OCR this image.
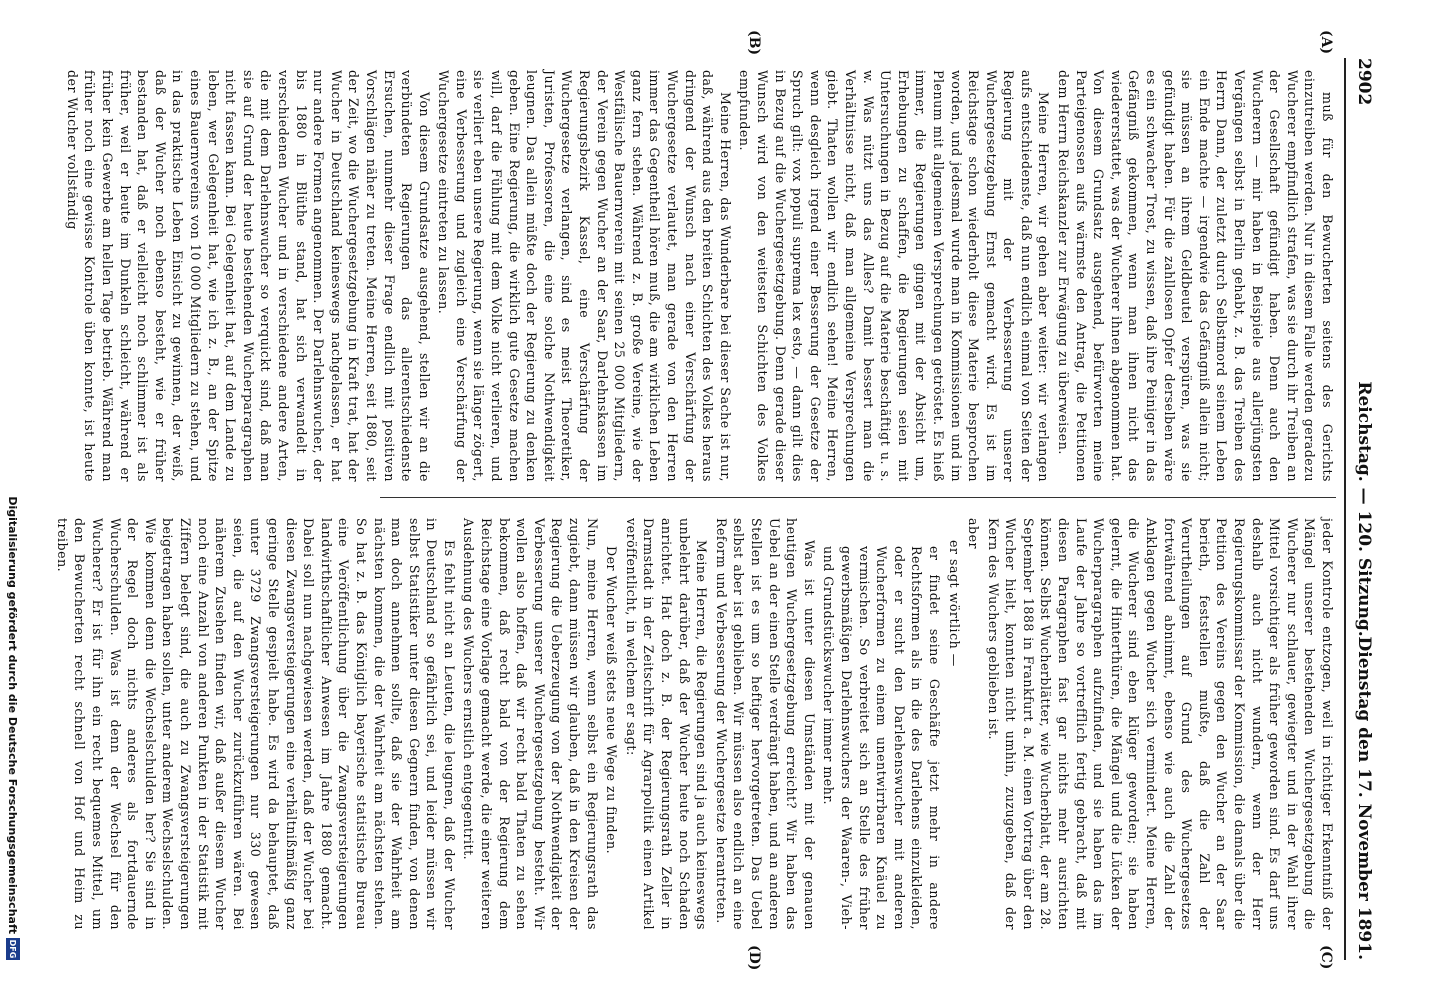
2902
Reichstag. — 120. Sitzung.
Dienstag den 17. November 1891.
(A)
(B)
(C)
(D)

muß für den Bewucherten seitens des Gerichts einzutreiben werden. Nur in diesem Falle werden geradezu Wucherer empfindlich strafen, was sie durch ihr Treiben an der Gesellschaft gefündigt haben. Denn auch den Wucherern — mir haben in Beispiele aus allerjüngsten Vergängen selbst in Berlin gehabt, z. B. das Treiben des Herrn Dann, der zuletzt durch Selbstmord seinem Leben ein Ende machte — irgendwie das Gefängniß allein nicht; sie müssen an ihrem Geldbeutel verspüren, was sie gefündigt haben. Für die zahllosen Opfer derselben wäre es ein schwacher Trost, zu wissen, daß ihre Peiniger in das Gefängniß gekommen, wenn man ihnen nicht das wiedererstattet, was der Wucherer ihnen abgenommen hat. Von diesem Grundsatz ausgehend, befürworten meine Parteigenossen aufs wärmste den Antrag, die Petitionen dem Herrn Reichskanzler zur Erwägung zu überweisen.

Meine Herren, wir gehen aber weiter: wir verlangen aufs entschiedenste, daß nun endlich einmal von Seiten der Regierung mit der Verbesserung unserer Wuchergesetzgebung Ernst gemacht wird. Es ist im Reichstage schon wiederholt diese Materie besprochen worden, und jedesmal wurde man in Kommissionen und im Plenum mit allgemeinen Versprechungen getröstet. Es hieß immer, die Regierungen gingen mit der Absicht um, Erhebungen zu schaffen, die Regierungen seien mit Untersuchungen in Bezug auf die Materie beschäftigt u. s. w. Was nützt uns das Alles? Damit bessert man die Verhältnisse nicht, daß man allgemeine Versprechungen giebt. Thaten wollen wir endlich sehen! Meine Herren, wenn desgleich irgend einer Besserung der Gesetze der Spruch gilt: vox populi suprema lex esto, — dann gilt dies in Bezug auf die Wuchergesetzgebung. Denn gerade dieser Wunsch wird von den weitesten Schichten des Volkes empfunden.

Meine Herren, das Wunderbare bei dieser Sache ist nur, daß, während aus den breiten Schichten des Volkes heraus dringend der Wunsch nach einer Verschärfung der Wuchergesetze verlautet, man gerade von den Herren immer das Gegentheil hören muß, die am wirklichen Leben ganz fern stehen. Während z. B. große Vereine, wie der Westfälische Bauernverein mit seinen 25 000 Mitgliedern, der Verein gegen Wucher an der Saar, Darlehnskassen im Regierungsbezirk Kassel, eine Verschärfung der Wuchergesetze verlangen, sind es meist Theoretiker, Juristen, Professoren, die eine solche Nothwendigkeit leugnen. Das allein müßte doch der Regierung zu denken geben. Eine Regierung, die wirklich gute Gesetze machen will, darf die Fühlung mit dem Volke nicht verlieren, und sie verliert eben unsere Regierung, wenn sie länger zögert, eine Verbesserung und zugleich eine Verschärfung der Wuchergesetze eintreten zu lassen.

Von diesem Grundsatze ausgehend, stellen wir an die verbündeten Regierungen das allerentschiedenste Ersuchen, nunmehr dieser Frage endlich mit positiven Vorschlägen näher zu treten. Meine Herren, seit 1880, seit der Zeit, wo die Wuchergesetzgebung in Kraft trat, hat der Wucher in Deutschland keineswegs nachgelassen, er hat nur andere Formen angenommen. Der Darlehnswucher, der bis 1880 in Blüthe stand, hat sich verwandelt in verschiedenen Wucher und in verschiedene andere Arten, die mit dem Darlehnswucher so verquickt sind, daß man sie auf Grund der heute bestehenden Wucherparagraphen nicht fassen kann. Bei Gelegenheit hat, auf dem Lande zu leben, wer Gelegenheit hat, wie ich z. B., an der Spitze eines Bauernvereins von 10 000 Mitgliedern zu stehen, und in das praktische Leben Einsicht zu gewinnen, der weiß, daß der Wucher noch ebenso besteht, wie er früher bestanden hat, daß er vielleicht noch schlimmer ist als früher, weil er heute im Dunkeln schleicht, während er früher kein Gewerbe am hellen Tage betrieb. Während man früher noch eine gewisse Kontrole üben konnte, ist heute der Wucher vollständig

jeder Kontrole entzogen, weil in richtiger Erkenntniß der Mängel unserer bestehenden Wuchergesetzgebung die Wucherer nur schlauer, gewiegter und in der Wahl ihrer Mittel vorsichtiger als früher geworden sind. Es darf uns deshalb auch nicht wundern, wenn der Herr Regierungskommissar der Kommission, die damals über die Petition des Vereins gegen den Wucher an der Saar berieth, feststellen mußte, daß die Zahl der Verurtheilungen auf Grund des Wuchergesetzes fortwährend abnimmt, ebenso wie auch die Zahl der Anklagen gegen Wucher sich vermindert. Meine Herren, die Wucherer sind eben klüger geworden; sie haben gelernt, die Hinterthüren, die Mängel und die Lücken der Wucherparagraphen aufzufinden, und sie haben das im Laufe der Jahre so vortrefflich fertig gebracht, daß mit diesen Paragraphen fast gar nichts mehr ausrichten können. Selbst Wucherblätter, wie Wucherblatt, der am 28. September 1888 in Frankfurt a. M. einen Vortrag über den Wucher hielt, konnten nicht umhin, zuzugeben, daß der Kern des Wuchers geblieben ist.

aber

er sagt wörtlich —

er findet seine Geschäfte jetzt mehr in andere Rechtsformen als in die des Darlehens einzukleiden, oder er sucht den Darlehenswucher mit anderen Wucherformen zu einem unentwirrbaren Knäuel zu vermischen. So verbreitet sich an Stelle des früher gewerbsmäßigen Darlehnswuchers der Waaren-, Vieh- und Grundstückswucher immer mehr.

Was ist unter diesen Umständen mit der genauen heutigen Wuchergesetzgebung erreicht? Wir haben das Uebel an der einen Stelle verdrängt haben, und an anderen Stellen ist es um so heftiger hervorgetreten. Das Uebel selbst aber ist geblieben. Wir müssen also endlich an eine Reform und Verbesserung der Wuchergesetze herantreten.

Meine Herren, die Regierungen sind ja auch keineswegs unbelehrt darüber, daß der Wucher heute noch Schaden anrichtet. Hat doch z. B. der Regierungsrath Zeller in Darmstadt in der Zeitschrift für Agrarpolitik einen Artikel veröffentlicht, in welchem er sagt:

Der Wucher weiß stets neue Wege zu finden.

Nun, meine Herren, wenn selbst ein Regierungsrath das zugiebt, dann müssen wir glauben, daß in den Kreisen der Regierung die Ueberzeugung von der Nothwendigkeit der Verbesserung unserer Wuchergesetzgebung besteht. Wir wollen also hoffen, daß wir recht bald Thaten zu sehen bekommen, daß recht bald von der Regierung dem Reichstage eine Vorlage gemacht werde, die einer weiteren Ausdehnung des Wuchers ernstlich entgegentritt.

Es fehlt nicht an Leuten, die leugnen, daß der Wucher in Deutschland so gefährlich sei, und leider müssen wir selbst Statistiker unter diesen Gegnern finden, von denen man doch annehmen sollte, daß sie der Wahrheit am nächsten kommen, die der Wahrheit am nächsten stehen. So hat z. B. das Königlich bayerische statistische Bureau eine Veröffentlichung über die Zwangsversteigerungen landwirthschaftlicher Anwesen im Jahre 1880 gemacht. Dabei soll nun nachgewiesen werden, daß der Wucher bei diesen Zwangsversteigerungen eine verhältnißmäßig ganz geringe Stelle gespielt habe. Es wird da behauptet, daß unter 3729 Zwangsversteigerungen nur 330 gewesen seien, die auf den Wucher zurückzuführen wären. Bei näherem Zusehen finden wir, daß außer diesem Wucher noch eine Anzahl von anderen Punkten in der Statistik mit Ziffern belegt sind, die auch zu Zwangsversteigerungen beigetragen haben sollen, unter anderem Wechselschulden. Wie kommen denn die Wechselschulden her? Sie sind in der Regel doch nichts anderes als fortdauernde Wucherschulden. Was ist denn der Wechsel für den Wucherer? Er ist für ihn ein recht bequemes Mittel, um den Bewucherten recht schnell von Hof und Heim zu treiben.

Digitalisierung gefördert durch die Deutsche Forschungsgemeinschaft
DFG
